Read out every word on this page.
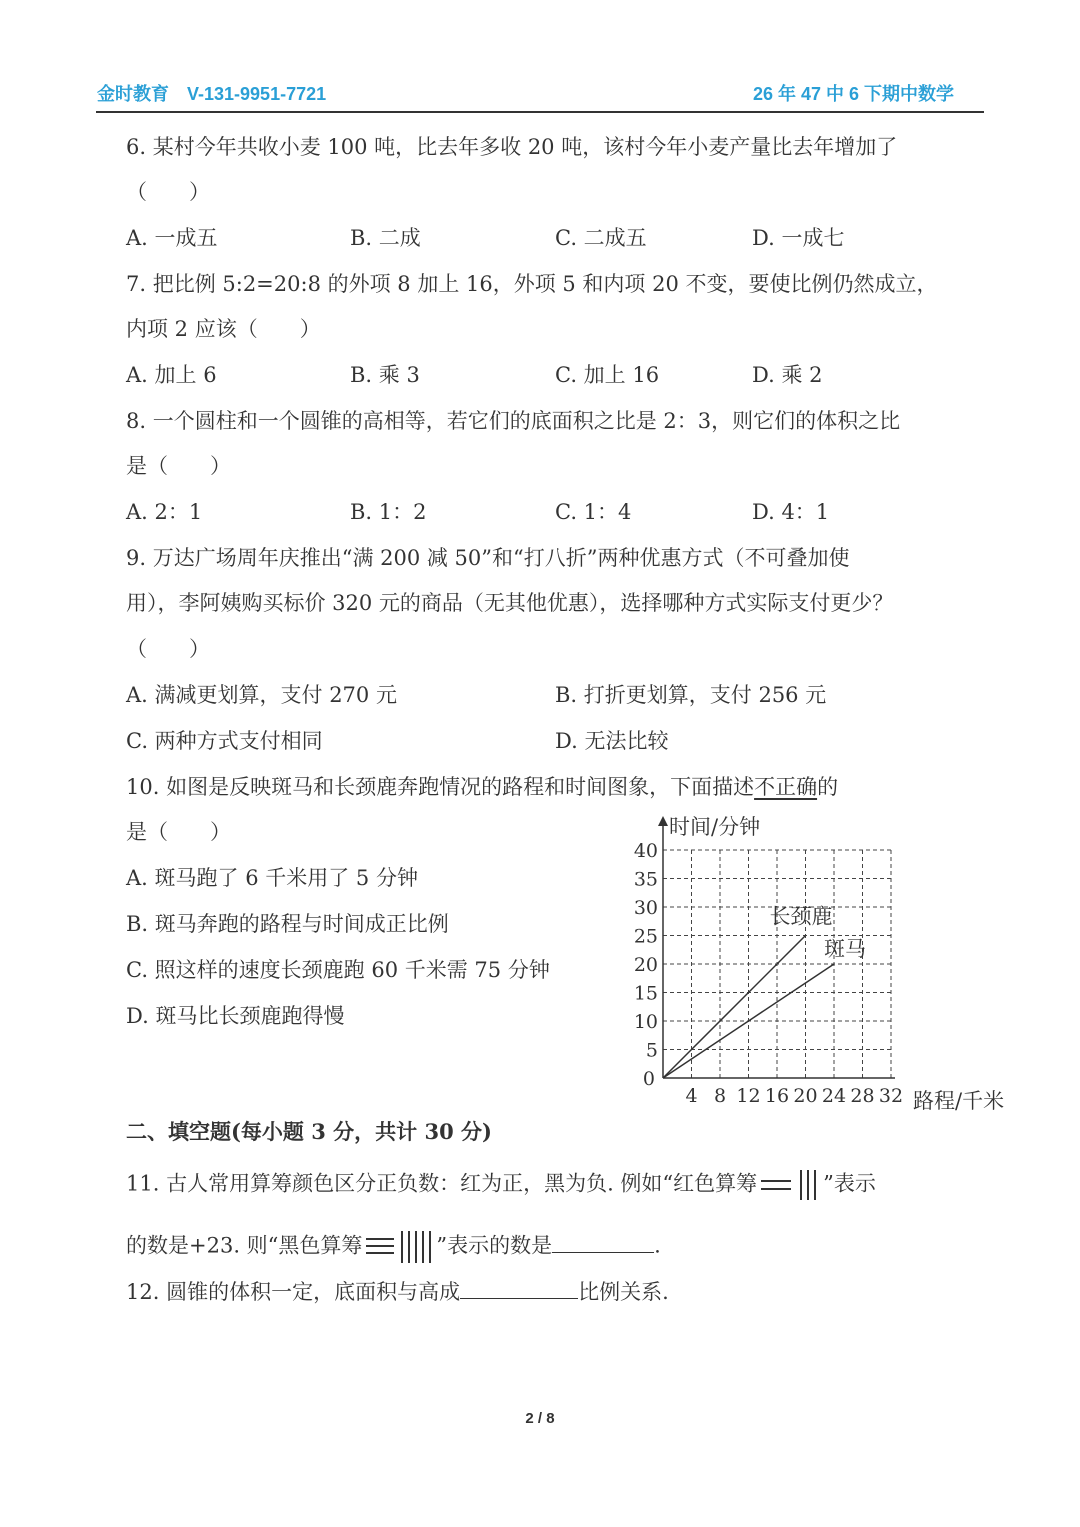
金时教育　V-131-9951-7721	26 年 47 中 6 下期中数学
6. 某村今年共收小麦 100 吨，比去年多收 20 吨，该村今年小麦产量比去年增加了
（　　）
A. 一成五	B. 二成	C. 二成五	D. 一成七
7. 把比例 5:2=20:8 的外项 8 加上 16，外项 5 和内项 20 不变，要使比例仍然成立，
内项 2 应该（　　）
A. 加上 6	B. 乘 3	C. 加上 16	D. 乘 2
8. 一个圆柱和一个圆锥的高相等，若它们的底面积之比是 2：3，则它们的体积之比
是（　　）
A. 2：1	B. 1：2	C. 1：4	D. 4：1
9. 万达广场周年庆推出“满 200 减 50”和“打八折”两种优惠方式（不可叠加使
用），李阿姨购买标价 320 元的商品（无其他优惠），选择哪种方式实际支付更少？
（　　）
A. 满减更划算，支付 270 元	B. 打折更划算，支付 256 元
C. 两种方式支付相同	D. 无法比较
10. 如图是反映斑马和长颈鹿奔跑情况的路程和时间图象，下面描述不正确的
是（　　）
A. 斑马跑了 6 千米用了 5 分钟
B. 斑马奔跑的路程与时间成正比例
C. 照这样的速度长颈鹿跑 60 千米需 75 分钟
D. 斑马比长颈鹿跑得慢
4 8 12 16 20 24 28 32
5
10
15
20
25
30
35
40
0
时间/分钟
路程/千米
长颈鹿
斑马
二、填空题(每小题 3 分，共计 30 分)
11. 古人常用算筹颜色区分正负数：红为正，黑为负. 例如“红色算筹	”表示
的数是+23. 则“黑色算筹	”表示的数是	.
12. 圆锥的体积一定，底面积与高成	比例关系.
2 / 8
